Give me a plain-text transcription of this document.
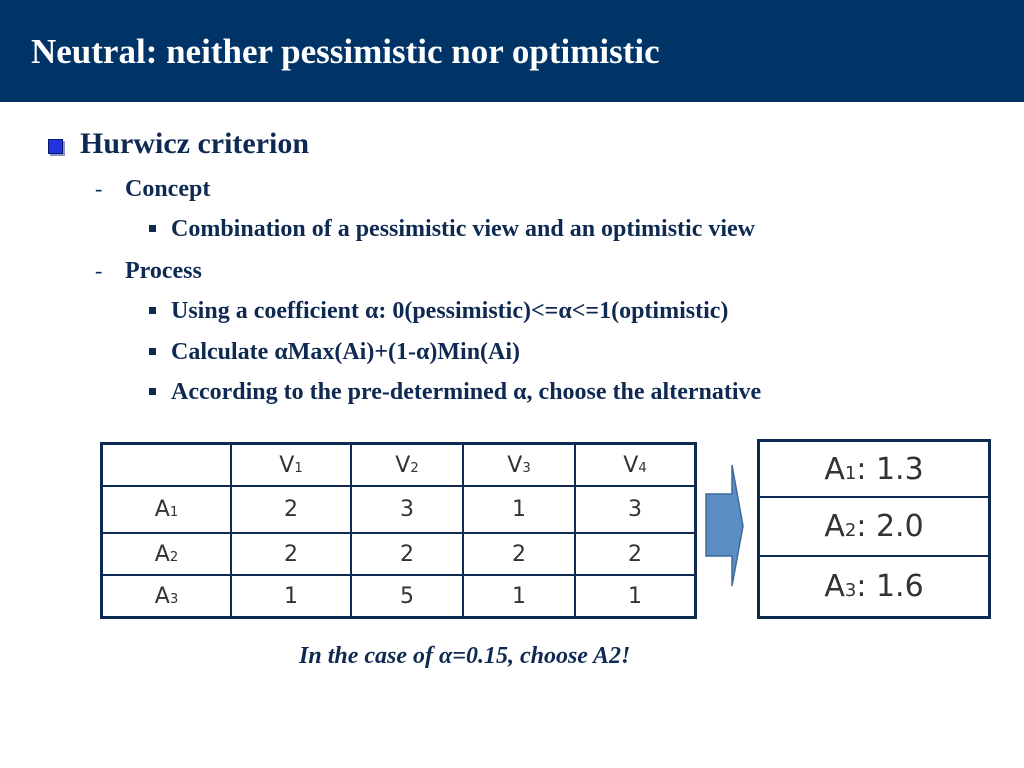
Neutral: neither pessimistic nor optimistic
Hurwicz criterion
- Concept
Combination of a pessimistic view and an optimistic view
- Process
Using a coefficient α: 0(pessimistic)<=α<=1(optimistic)
Calculate αMax(Ai)+(1-α)Min(Ai)
According to the pre-determined α, choose the alternative
	V1	V2	V3	V4
A1	2	3	1	3
A2	2	2	2	2
A3	1	5	1	1
A1: 1.3
A2: 2.0
A3: 1.6
In the case of α=0.15, choose A2!
